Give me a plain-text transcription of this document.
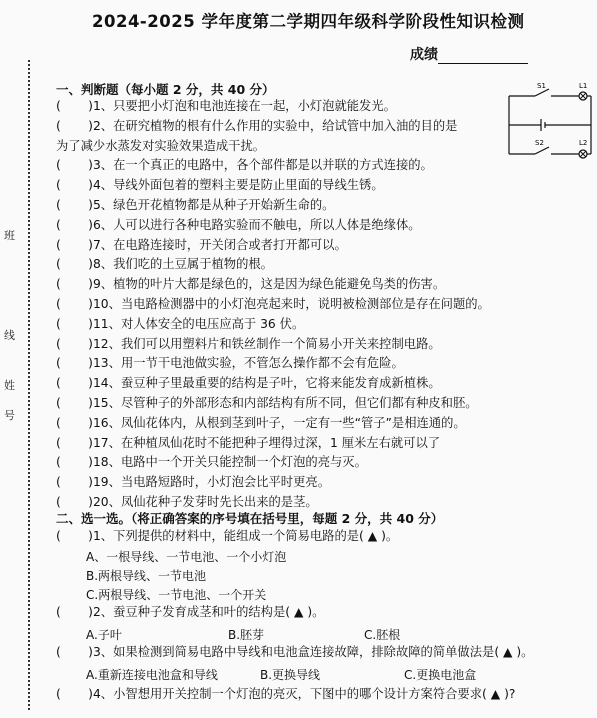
班
线
姓
号
2024-2025 学年度第二学期四年级科学阶段性知识检测
成绩
S1	L1
S2	L2
一、判断题（每小题 2 分，共 40 分）
(       )1、只要把小灯泡和电池连接在一起，小灯泡就能发光。
(       )2、在研究植物的根有什么作用的实验中，给试管中加入油的目的是
为了减少水蒸发对实验效果造成干扰。
(       )3、在一个真正的电路中，各个部件都是以并联的方式连接的。
(       )4、导线外面包着的塑料主要是防止里面的导线生锈。
(       )5、绿色开花植物都是从种子开始新生命的。
(       )6、人可以进行各种电路实验而不触电，所以人体是绝缘体。
(       )7、在电路连接时，开关闭合或者打开都可以。
(       )8、我们吃的土豆属于植物的根。
(       )9、植物的叶片大都是绿色的，这是因为绿色能避免鸟类的伤害。
(       )10、当电路检测器中的小灯泡亮起来时，说明被检测部位是存在问题的。
(       )11、对人体安全的电压应高于 36 伏。
(       )12、我们可以用塑料片和铁丝制作一个简易小开关来控制电路。
(       )13、用一节干电池做实验，不管怎么操作都不会有危险。
(       )14、蚕豆种子里最重要的结构是子叶，它将来能发育成新植株。
(       )15、尽管种子的外部形态和内部结构有所不同，但它们都有种皮和胚。
(       )16、凤仙花体内，从根到茎到叶子，一定有一些“管子”是相连通的。
(       )17、在种植凤仙花时不能把种子埋得过深，1 厘米左右就可以了
(       )18、电路中一个开关只能控制一个灯泡的亮与灭。
(       )19、当电路短路时，小灯泡会比平时更亮。
(       )20、凤仙花种子发芽时先长出来的是茎。
二、选一选。（将正确答案的序号填在括号里，每题 2 分，共 40 分）
(       )1、下列提供的材料中，能组成一个简易电路的是( ▲ )。
A、一根导线、一节电池、一个小灯泡
B.两根导线、一节电池
C.两根导线、一节电池、一个开关
(       )2、蚕豆种子发育成茎和叶的结构是( ▲ )。
A.子叶	B.胚芽	C.胚根
(       )3、如果检测到简易电路中导线和电池盒连接故障，排除故障的简单做法是( ▲ )。
A.重新连接电池盒和导线	B.更换导线	C.更换电池盒
(       )4、小智想用开关控制一个灯泡的亮灭，下图中的哪个设计方案符合要求( ▲ )?
